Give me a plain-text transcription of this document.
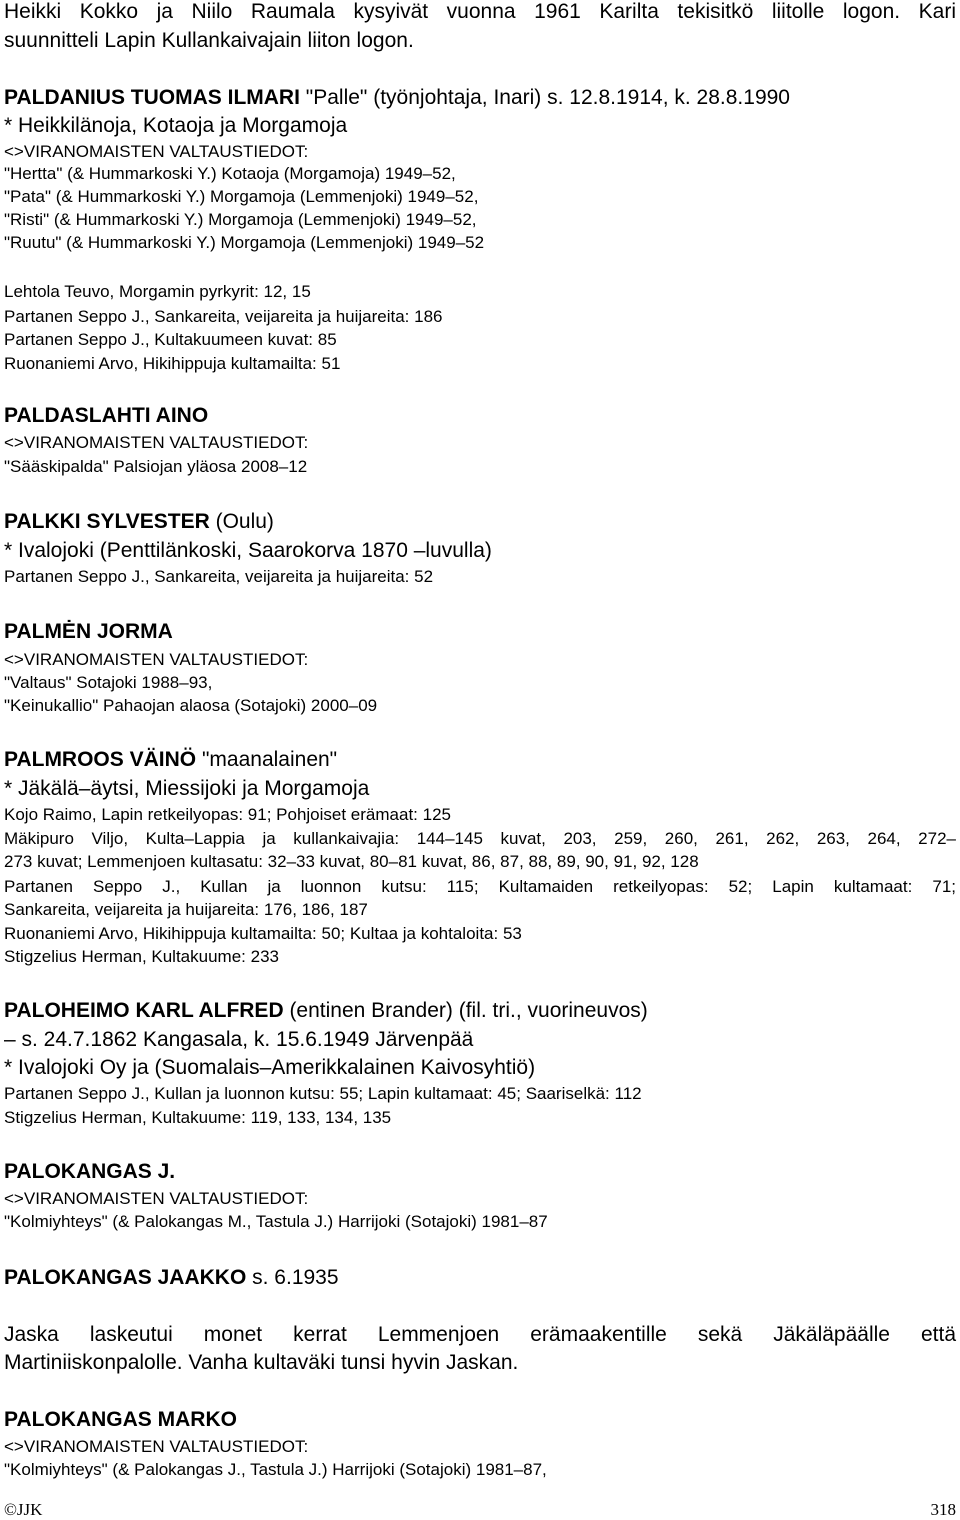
Heikki Kokko ja Niilo Raumala kysyivät vuonna 1961 Karilta tekisitkö liitolle logon. Kari
suunnitteli Lapin Kullankaivajain liiton logon.
PALDANIUS TUOMAS ILMARI "Palle" (työnjohtaja, Inari) s. 12.8.1914, k. 28.8.1990
* Heikkilänoja, Kotaoja ja Morgamoja
<>VIRANOMAISTEN VALTAUSTIEDOT:
"Hertta" (& Hummarkoski Y.) Kotaoja (Morgamoja) 1949–52,
"Pata" (& Hummarkoski Y.) Morgamoja (Lemmenjoki) 1949–52,
"Risti" (& Hummarkoski Y.) Morgamoja (Lemmenjoki) 1949–52,
"Ruutu" (& Hummarkoski Y.) Morgamoja (Lemmenjoki) 1949–52
Lehtola Teuvo, Morgamin pyrkyrit: 12, 15
Partanen Seppo J., Sankareita, veijareita ja huijareita: 186
Partanen Seppo J., Kultakuumeen kuvat: 85
Ruonaniemi Arvo, Hikihippuja kultamailta: 51
PALDASLAHTI AINO
<>VIRANOMAISTEN VALTAUSTIEDOT:
"Sääskipalda" Palsiojan yläosa 2008–12
PALKKI SYLVESTER (Oulu)
* Ivalojoki (Penttilänkoski, Saarokorva 1870 –luvulla)
Partanen Seppo J., Sankareita, veijareita ja huijareita: 52
PALMĖN JORMA
<>VIRANOMAISTEN VALTAUSTIEDOT:
"Valtaus" Sotajoki 1988–93,
"Keinukallio" Pahaojan alaosa (Sotajoki) 2000–09
PALMROOS VÄINÖ "maanalainen"
* Jäkälä–äytsi, Miessijoki ja Morgamoja
Kojo Raimo, Lapin retkeilyopas: 91; Pohjoiset erämaat: 125
Mäkipuro Viljo, Kulta–Lappia ja kullankaivajia: 144–145 kuvat, 203, 259, 260, 261, 262, 263, 264, 272–
273 kuvat; Lemmenjoen kultasatu: 32–33 kuvat, 80–81 kuvat, 86, 87, 88, 89, 90, 91, 92, 128
Partanen Seppo J., Kullan ja luonnon kutsu: 115; Kultamaiden retkeilyopas: 52; Lapin kultamaat: 71;
Sankareita, veijareita ja huijareita: 176, 186, 187
Ruonaniemi Arvo, Hikihippuja kultamailta: 50; Kultaa ja kohtaloita: 53
Stigzelius Herman, Kultakuume: 233
PALOHEIMO KARL ALFRED (entinen Brander) (fil. tri., vuorineuvos)
– s. 24.7.1862 Kangasala, k. 15.6.1949 Järvenpää
* Ivalojoki Oy ja (Suomalais–Amerikkalainen Kaivosyhtiö)
Partanen Seppo J., Kullan ja luonnon kutsu: 55; Lapin kultamaat: 45; Saariselkä: 112
Stigzelius Herman, Kultakuume: 119, 133, 134, 135
PALOKANGAS J.
<>VIRANOMAISTEN VALTAUSTIEDOT:
"Kolmiyhteys" (& Palokangas M., Tastula J.) Harrijoki (Sotajoki) 1981–87
PALOKANGAS JAAKKO s. 6.1935
Jaska laskeutui monet kerrat Lemmenjoen erämaakentille sekä Jäkäläpäälle että
Martiniiskonpalolle. Vanha kultaväki tunsi hyvin Jaskan.
PALOKANGAS MARKO
<>VIRANOMAISTEN VALTAUSTIEDOT:
"Kolmiyhteys" (& Palokangas J., Tastula J.) Harrijoki (Sotajoki) 1981–87,
©JJK	318
